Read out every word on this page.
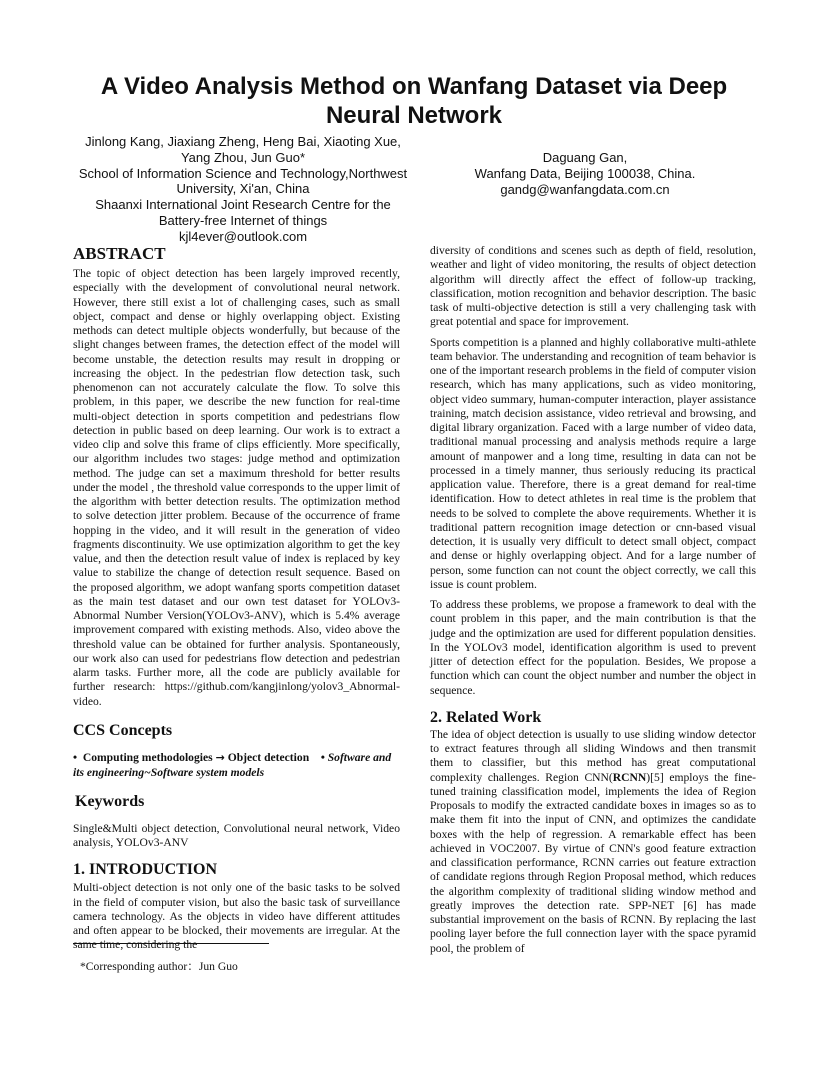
A Video Analysis Method on Wanfang Dataset via Deep
Neural Network
Jinlong Kang, Jiaxiang Zheng, Heng Bai, Xiaoting Xue,
Yang Zhou, Jun Guo*
School of Information Science and Technology,Northwest
University, Xi'an, China
Shaanxi International Joint Research Centre for the
Battery-free Internet of things
kjl4ever@outlook.com
Daguang Gan,
Wanfang Data, Beijing 100038, China.
gandg@wanfangdata.com.cn
ABSTRACT

The topic of object detection has been largely improved recently, especially with the development of convolutional neural network. However, there still exist a lot of challenging cases, such as small object, compact and dense or highly overlapping object. Existing methods can detect multiple objects wonderfully, but because of the slight changes between frames, the detection effect of the model will become unstable, the detection results may result in dropping or increasing the object. In the pedestrian flow detection task, such phenomenon can not accurately calculate the flow. To solve this problem, in this paper, we describe the new function for real-time multi-object detection in sports competition and pedestrians flow detection in public based on deep learning. Our work is to extract a video clip and solve this frame of clips efficiently. More specifically, our algorithm includes two stages: judge method and optimization method. The judge can set a maximum threshold for better results under the model , the threshold value corresponds to the upper limit of the algorithm with better detection results. The optimization method to solve detection jitter problem. Because of the occurrence of frame hopping in the video, and it will result in the generation of video fragments discontinuity. We use optimization algorithm to get the key value, and then the detection result value of index is replaced by key value to stabilize the change of detection result sequence. Based on the proposed algorithm, we adopt wanfang sports competition dataset as the main test dataset and our own test dataset for YOLOv3-Abnormal Number Version(YOLOv3-ANV), which is 5.4% average improvement compared with existing methods. Also, video above the threshold value can be obtained for further analysis. Spontaneously, our work also can used for pedestrians flow detection and pedestrian alarm tasks. Further more, all the code are publicly available for further research: https://github.com/kangjinlong/yolov3_Abnormal-video.

CCS Concepts
• Computing methodologies → Object detection • Software and its engineering~Software system models
Keywords

Single&Multi object detection, Convolutional neural network, Video analysis, YOLOv3-ANV

1. INTRODUCTION

Multi-object detection is not only one of the basic tasks to be solved in the field of computer vision, but also the basic task of surveillance camera technology. As the objects in video have different attitudes and often appear to be blocked, their movements are irregular. At the same time, considering the

*Corresponding author：Jun Guo

diversity of conditions and scenes such as depth of field, resolution, weather and light of video monitoring, the results of object detection algorithm will directly affect the effect of follow-up tracking, classification, motion recognition and behavior description. The basic task of multi-objective detection is still a very challenging task with great potential and space for improvement.

Sports competition is a planned and highly collaborative multi-athlete team behavior. The understanding and recognition of team behavior is one of the important research problems in the field of computer vision research, which has many applications, such as video monitoring, object video summary, human-computer interaction, player assistance training, match decision assistance, video retrieval and browsing, and digital library organization. Faced with a large number of video data, traditional manual processing and analysis methods require a large amount of manpower and a long time, resulting in data can not be processed in a timely manner, thus seriously reducing its practical application value. Therefore, there is a great demand for real-time identification. How to detect athletes in real time is the problem that needs to be solved to complete the above requirements. Whether it is traditional pattern recognition image detection or cnn-based visual detection, it is usually very difficult to detect small object, compact and dense or highly overlapping object. And for a large number of person, some function can not count the object correctly, we call this issue is count problem.

To address these problems, we propose a framework to deal with the count problem in this paper, and the main contribution is that the judge and the optimization are used for different population densities. In the YOLOv3 model, identification algorithm is used to prevent jitter of detection effect for the population. Besides, We propose a function which can count the object number and number the object in sequence.

2. Related Work

The idea of object detection is usually to use sliding window detector to extract features through all sliding Windows and then transmit them to classifier, but this method has great computational complexity challenges. Region CNN(RCNN)[5] employs the fine-tuned training classification model, implements the idea of Region Proposals to modify the extracted candidate boxes in images so as to make them fit into the input of CNN, and optimizes the candidate boxes with the help of regression. A remarkable effect has been achieved in VOC2007. By virtue of CNN's good feature extraction and classification performance, RCNN carries out feature extraction of candidate regions through Region Proposal method, which reduces the algorithm complexity of traditional sliding window method and greatly improves the detection rate. SPP-NET [6] has made substantial improvement on the basis of RCNN. By replacing the last pooling layer before the full connection layer with the space pyramid pool, the problem of
